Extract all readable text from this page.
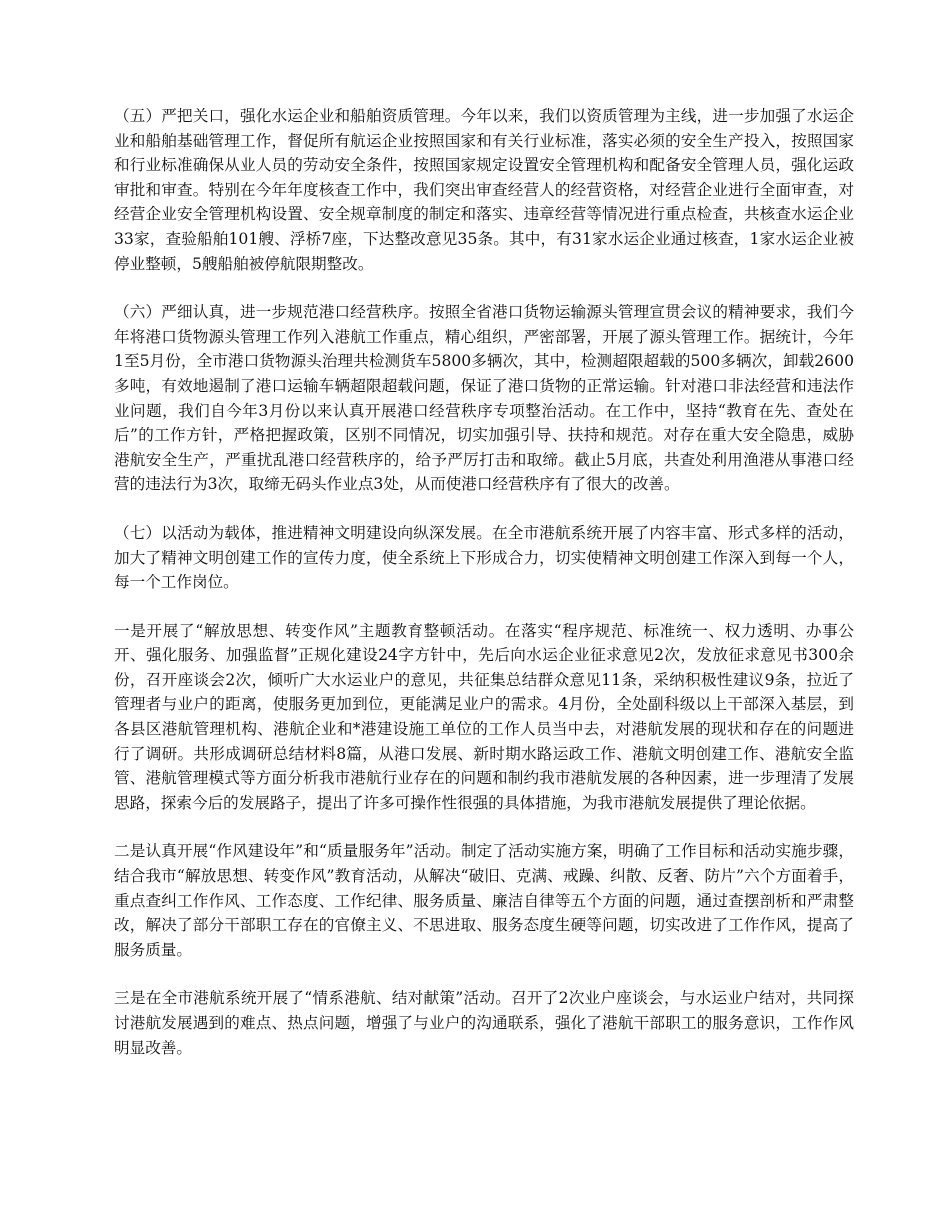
（五）严把关口，强化水运企业和船舶资质管理。今年以来，我们以资质管理为主线，进一步加强了水运企业和船舶基础管理工作，督促所有航运企业按照国家和有关行业标准，落实必须的安全生产投入，按照国家和行业标准确保从业人员的劳动安全条件，按照国家规定设置安全管理机构和配备安全管理人员，强化运政审批和审查。特别在今年年度核查工作中，我们突出审查经营人的经营资格，对经营企业进行全面审查，对经营企业安全管理机构设置、安全规章制度的制定和落实、违章经营等情况进行重点检查，共核查水运企业33家，查验船舶101艘、浮桥7座，下达整改意见35条。其中，有31家水运企业通过核查，1家水运企业被停业整顿，5艘船舶被停航限期整改。

（六）严细认真，进一步规范港口经营秩序。按照全省港口货物运输源头管理宣贯会议的精神要求，我们今年将港口货物源头管理工作列入港航工作重点，精心组织，严密部署，开展了源头管理工作。据统计，今年1至5月份，全市港口货物源头治理共检测货车5800多辆次，其中，检测超限超载的500多辆次，卸载2600多吨，有效地遏制了港口运输车辆超限超载问题，保证了港口货物的正常运输。针对港口非法经营和违法作业问题，我们自今年3月份以来认真开展港口经营秩序专项整治活动。在工作中，坚持“教育在先、查处在后”的工作方针，严格把握政策，区别不同情况，切实加强引导、扶持和规范。对存在重大安全隐患，威胁港航安全生产，严重扰乱港口经营秩序的，给予严厉打击和取缔。截止5月底，共查处利用渔港从事港口经营的违法行为3次，取缔无码头作业点3处，从而使港口经营秩序有了很大的改善。

（七）以活动为载体，推进精神文明建设向纵深发展。在全市港航系统开展了内容丰富、形式多样的活动，加大了精神文明创建工作的宣传力度，使全系统上下形成合力，切实使精神文明创建工作深入到每一个人，每一个工作岗位。

一是开展了“解放思想、转变作风”主题教育整顿活动。在落实“程序规范、标准统一、权力透明、办事公开、强化服务、加强监督”正规化建设24字方针中，先后向水运企业征求意见2次，发放征求意见书300余份，召开座谈会2次，倾听广大水运业户的意见，共征集总结群众意见11条，采纳积极性建议9条，拉近了管理者与业户的距离，使服务更加到位，更能满足业户的需求。4月份，全处副科级以上干部深入基层，到各县区港航管理机构、港航企业和*港建设施工单位的工作人员当中去，对港航发展的现状和存在的问题进行了调研。共形成调研总结材料8篇，从港口发展、新时期水路运政工作、港航文明创建工作、港航安全监管、港航管理模式等方面分析我市港航行业存在的问题和制约我市港航发展的各种因素，进一步理清了发展思路，探索今后的发展路子，提出了许多可操作性很强的具体措施，为我市港航发展提供了理论依据。

二是认真开展“作风建设年”和“质量服务年”活动。制定了活动实施方案，明确了工作目标和活动实施步骤，结合我市“解放思想、转变作风”教育活动，从解决“破旧、克满、戒躁、纠散、反奢、防片”六个方面着手，重点查纠工作作风、工作态度、工作纪律、服务质量、廉洁自律等五个方面的问题，通过查摆剖析和严肃整改，解决了部分干部职工存在的官僚主义、不思进取、服务态度生硬等问题，切实改进了工作作风，提高了服务质量。

三是在全市港航系统开展了“情系港航、结对献策”活动。召开了2次业户座谈会，与水运业户结对，共同探讨港航发展遇到的难点、热点问题，增强了与业户的沟通联系，强化了港航干部职工的服务意识，工作作风明显改善。
